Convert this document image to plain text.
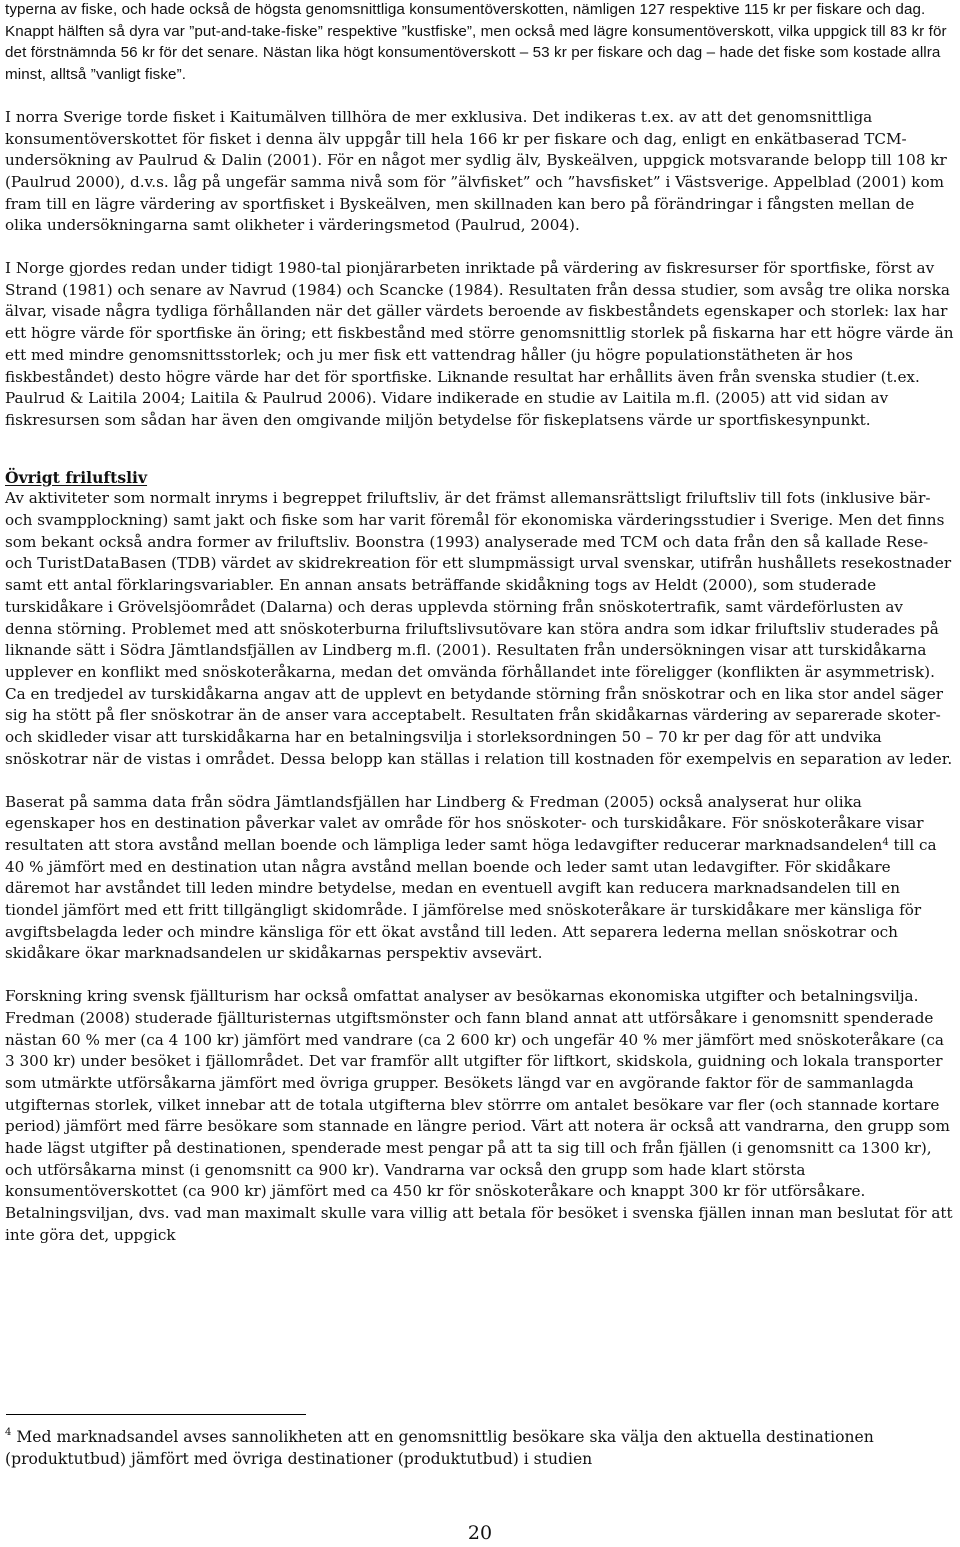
typerna av fiske, och hade också de högsta genomsnittliga konsumentöverskotten, nämligen 127 respektive 115 kr per fiskare och dag. Knappt hälften så dyra var ”put-and-take-fiske” respektive ”kustfiske”, men också med lägre konsumentöverskott, vilka uppgick till 83 kr för det förstnämnda 56 kr för det senare. Nästan lika högt konsumentöverskott – 53 kr per fiskare och dag – hade det fiske som kostade allra minst, alltså ”vanligt fiske”.

I norra Sverige torde fisket i Kaitumälven tillhöra de mer exklusiva. Det indikeras t.ex. av att det genomsnittliga konsumentöverskottet för fisket i denna älv uppgår till hela 166 kr per fiskare och dag, enligt en enkätbaserad TCM-undersökning av Paulrud & Dalin (2001). För en något mer sydlig älv, Byskeälven, uppgick motsvarande belopp till 108 kr (Paulrud 2000), d.v.s. låg på ungefär samma nivå som för ”älvfisket” och ”havsfisket” i Västsverige. Appelblad (2001) kom fram till en lägre värdering av sportfisket i Byskeälven, men skillnaden kan bero på förändringar i fångsten mellan de olika undersökningarna samt olikheter i värderingsmetod (Paulrud, 2004).

I Norge gjordes redan under tidigt 1980-tal pionjärarbeten inriktade på värdering av fiskresurser för sportfiske, först av Strand (1981) och senare av Navrud (1984) och Scancke (1984). Resultaten från dessa studier, som avsåg tre olika norska älvar, visade några tydliga förhållanden när det gäller värdets beroende av fiskbeståndets egenskaper och storlek: lax har ett högre värde för sportfiske än öring; ett fiskbestånd med större genomsnittlig storlek på fiskarna har ett högre värde än ett med mindre genomsnittsstorlek; och ju mer fisk ett vattendrag håller (ju högre populationstätheten är hos fiskbeståndet) desto högre värde har det för sportfiske. Liknande resultat har erhållits även från svenska studier (t.ex. Paulrud & Laitila 2004; Laitila & Paulrud 2006). Vidare indikerade en studie av Laitila m.fl. (2005) att vid sidan av fiskresursen som sådan har även den omgivande miljön betydelse för fiskeplatsens värde ur sportfiskesynpunkt.

Övrigt friluftsliv

Av aktiviteter som normalt inryms i begreppet friluftsliv, är det främst allemansrättsligt friluftsliv till fots (inklusive bär- och svampplockning) samt jakt och fiske som har varit föremål för ekonomiska värderingsstudier i Sverige. Men det finns som bekant också andra former av friluftsliv. Boonstra (1993) analyserade med TCM och data från den så kallade Rese- och TuristDataBasen (TDB) värdet av skidrekreation för ett slumpmässigt urval svenskar, utifrån hushållets resekostnader samt ett antal förklaringsvariabler. En annan ansats beträffande skidåkning togs av Heldt (2000), som studerade turskidåkare i Grövelsjöområdet (Dalarna) och deras upplevda störning från snöskotertrafik, samt värdeförlusten av denna störning. Problemet med att snöskoterburna friluftslivsutövare kan störa andra som idkar friluftsliv studerades på liknande sätt i Södra Jämtlandsfjällen av Lindberg m.fl. (2001). Resultaten från undersökningen visar att turskidåkarna upplever en konflikt med snöskoteråkarna, medan det omvända förhållandet inte föreligger (konflikten är asymmetrisk). Ca en tredjedel av turskidåkarna angav att de upplevt en betydande störning från snöskotrar och en lika stor andel säger sig ha stött på fler snöskotrar än de anser vara acceptabelt. Resultaten från skidåkarnas värdering av separerade skoter- och skidleder visar att turskidåkarna har en betalningsvilja i storleksordningen 50 – 70 kr per dag för att undvika snöskotrar när de vistas i området. Dessa belopp kan ställas i relation till kostnaden för exempelvis en separation av leder.

Baserat på samma data från södra Jämtlandsfjällen har Lindberg & Fredman (2005) också analyserat hur olika egenskaper hos en destination påverkar valet av område för hos snöskoter- och turskidåkare. För snöskoteråkare visar resultaten att stora avstånd mellan boende och lämpliga leder samt höga ledavgifter reducerar marknadsandelen$^4$ till ca 40 % jämfört med en destination utan några avstånd mellan boende och leder samt utan ledavgifter. För skidåkare däremot har avståndet till leden mindre betydelse, medan en eventuell avgift kan reducera marknadsandelen till en tiondel jämfört med ett fritt tillgängligt skidområde. I jämförelse med snöskoteråkare är turskidåkare mer känsliga för avgiftsbelagda leder och mindre känsliga för ett ökat avstånd till leden. Att separera lederna mellan snöskotrar och skidåkare ökar marknadsandelen ur skidåkarnas perspektiv avsevärt.

Forskning kring svensk fjällturism har också omfattat analyser av besökarnas ekonomiska utgifter och betalningsvilja. Fredman (2008) studerade fjällturisternas utgiftsmönster och fann bland annat att utförsåkare i genomsnitt spenderade nästan 60 % mer (ca 4 100 kr) jämfört med vandrare (ca 2 600 kr) och ungefär 40 % mer jämfört med snöskoteråkare (ca 3 300 kr) under besöket i fjällområdet. Det var framför allt utgifter för liftkort, skidskola, guidning och lokala transporter som utmärkte utförsåkarna jämfört med övriga grupper. Besökets längd var en avgörande faktor för de sammanlagda utgifternas storlek, vilket innebar att de totala utgifterna blev störrre om antalet besökare var fler (och stannade kortare period) jämfört med färre besökare som stannade en längre period. Värt att notera är också att vandrarna, den grupp som hade lägst utgifter på destinationen, spenderade mest pengar på att ta sig till och från fjällen (i genomsnitt ca 1300 kr), och utförsåkarna minst (i genomsnitt ca 900 kr). Vandrarna var också den grupp som hade klart största konsumentöverskottet (ca 900 kr) jämfört med ca 450 kr för snöskoteråkare och knappt 300 kr för utförsåkare. Betalningsviljan, dvs. vad man maximalt skulle vara villig att betala för besöket i svenska fjällen innan man beslutat för att inte göra det, uppgick

$^4$ Med marknadsandel avses sannolikheten att en genomsnittlig besökare ska välja den aktuella destinationen (produktutbud) jämfört med övriga destinationer (produktutbud) i studien
20
